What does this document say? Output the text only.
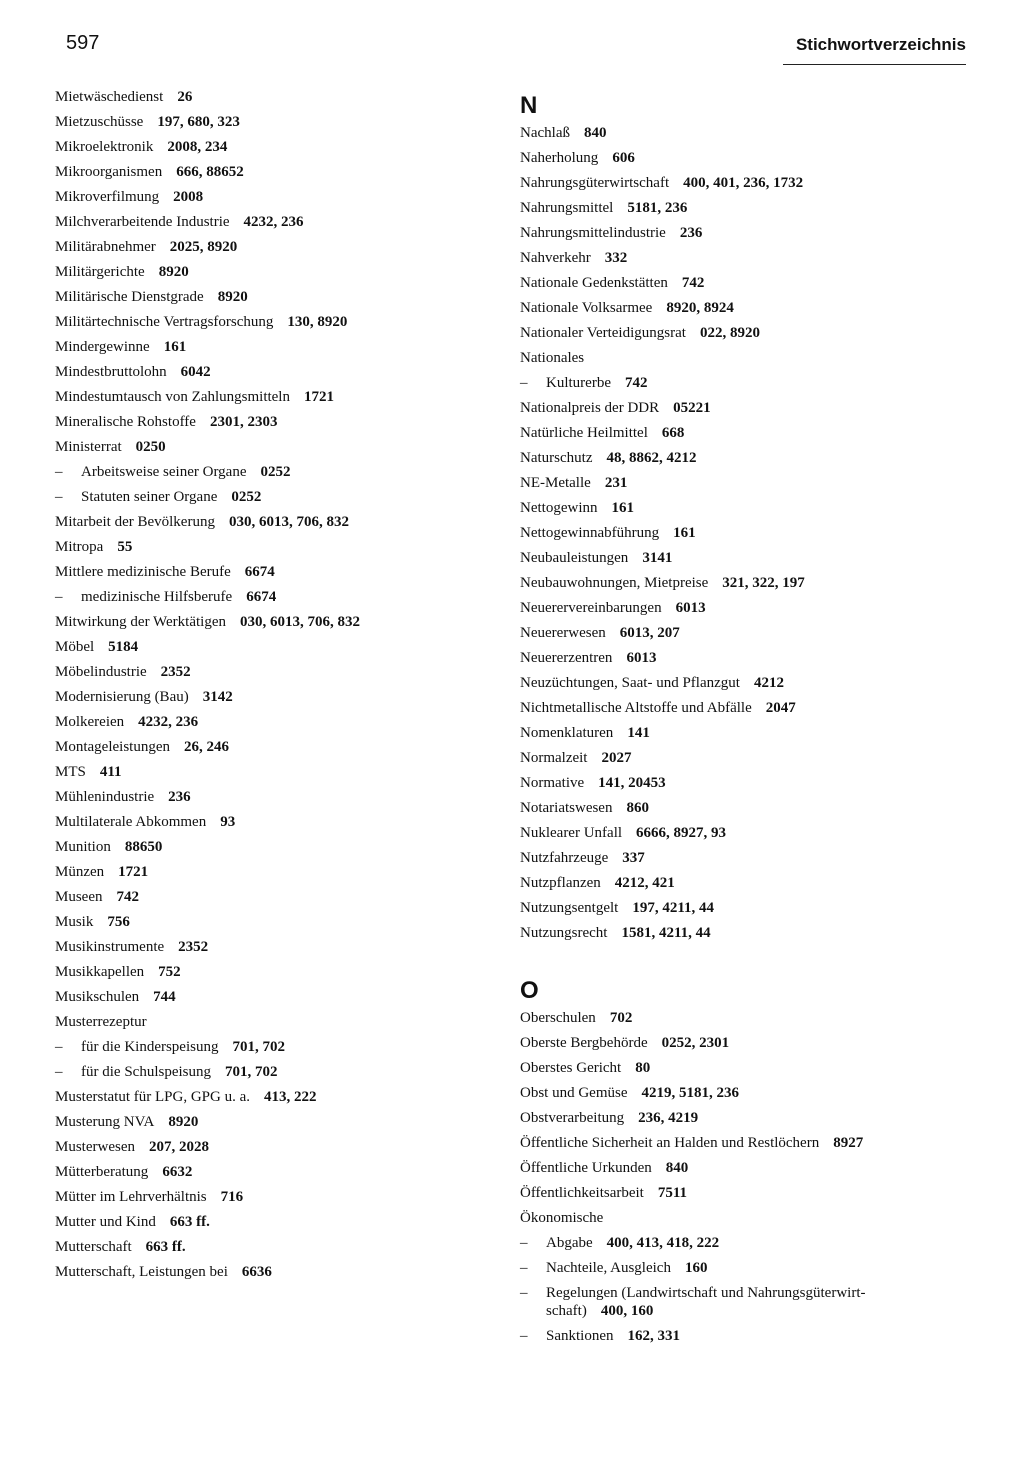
597	Stichwortverzeichnis
Mietwäschedienst 26
Mietzuschüsse 197, 680, 323
Mikroelektronik 2008, 234
Mikroorganismen 666, 88652
Mikroverfilmung 2008
Milchverarbeitende Industrie 4232, 236
Militärabnehmer 2025, 8920
Militärgerichte 8920
Militärische Dienstgrade 8920
Militärtechnische Vertragsforschung 130, 8920
Mindergewinne 161
Mindestbruttolohn 6042
Mindestumtausch von Zahlungsmitteln 1721
Mineralische Rohstoffe 2301, 2303
Ministerrat 0250
– Arbeitsweise seiner Organe 0252
– Statuten seiner Organe 0252
Mitarbeit der Bevölkerung 030, 6013, 706, 832
Mitropa 55
Mittlere medizinische Berufe 6674
– medizinische Hilfsberufe 6674
Mitwirkung der Werktätigen 030, 6013, 706, 832
Möbel 5184
Möbelindustrie 2352
Modernisierung (Bau) 3142
Molkereien 4232, 236
Montageleistungen 26, 246
MTS 411
Mühlenindustrie 236
Multilaterale Abkommen 93
Munition 88650
Münzen 1721
Museen 742
Musik 756
Musikinstrumente 2352
Musikkapellen 752
Musikschulen 744
Musterrezeptur
– für die Kinderspeisung 701, 702
– für die Schulspeisung 701, 702
Musterstatut für LPG, GPG u. a. 413, 222
Musterung NVA 8920
Musterwesen 207, 2028
Mütterberatung 6632
Mütter im Lehrverhältnis 716
Mutter und Kind 663 ff.
Mutterschaft 663 ff.
Mutterschaft, Leistungen bei 6636
N
Nachlaß 840
Naherholung 606
Nahrungsgüterwirtschaft 400, 401, 236, 1732
Nahrungsmittel 5181, 236
Nahrungsmittelindustrie 236
Nahverkehr 332
Nationale Gedenkstätten 742
Nationale Volksarmee 8920, 8924
Nationaler Verteidigungsrat 022, 8920
Nationales
– Kulturerbe 742
Nationalpreis der DDR 05221
Natürliche Heilmittel 668
Naturschutz 48, 8862, 4212
NE-Metalle 231
Nettogewinn 161
Nettogewinnabführung 161
Neubauleistungen 3141
Neubauwohnungen, Mietpreise 321, 322, 197
Neuerervereinbarungen 6013
Neuererwesen 6013, 207
Neuererzentren 6013
Neuzüchtungen, Saat- und Pflanzgut 4212
Nichtmetallische Altstoffe und Abfälle 2047
Nomenklaturen 141
Normalzeit 2027
Normative 141, 20453
Notariatswesen 860
Nuklearer Unfall 6666, 8927, 93
Nutzfahrzeuge 337
Nutzpflanzen 4212, 421
Nutzungsentgelt 197, 4211, 44
Nutzungsrecht 1581, 4211, 44
O
Oberschulen 702
Oberste Bergbehörde 0252, 2301
Oberstes Gericht 80
Obst und Gemüse 4219, 5181, 236
Obstverarbeitung 236, 4219
Öffentliche Sicherheit an Halden und Restlöchern 8927
Öffentliche Urkunden 840
Öffentlichkeitsarbeit 7511
Ökonomische
– Abgabe 400, 413, 418, 222
– Nachteile, Ausgleich 160
– Regelungen (Landwirtschaft und Nahrungsgüterwirt-
schaft) 400, 160
– Sanktionen 162, 331
